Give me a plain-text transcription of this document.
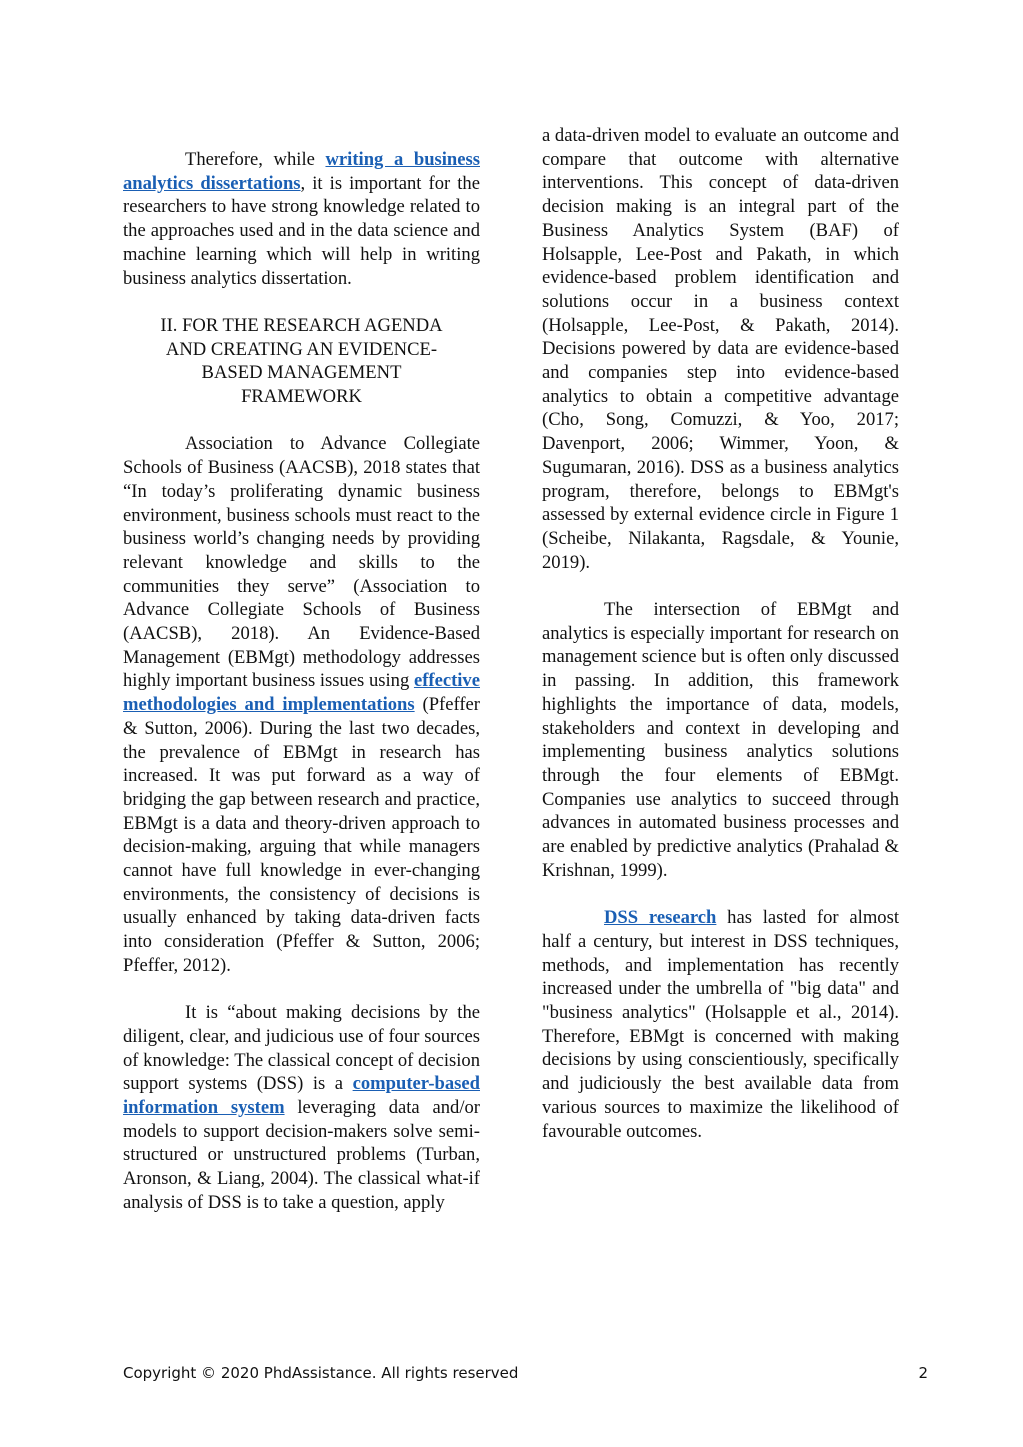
Therefore, while writing a business analytics dissertations, it is important for the researchers to have strong knowledge related to the approaches used and in the data science and machine learning which will help in writing business analytics dissertation.

II. FOR THE RESEARCH AGENDA AND CREATING AN EVIDENCE-BASED MANAGEMENT FRAMEWORK

Association to Advance Collegiate Schools of Business (AACSB), 2018 states that “In today’s proliferating dynamic business environment, business schools must react to the business world’s changing needs by providing relevant knowledge and skills to the communities they serve” (Association to Advance Collegiate Schools of Business (AACSB), 2018). An Evidence-Based Management (EBMgt) methodology addresses highly important business issues using effective methodologies and implementations (Pfeffer & Sutton, 2006). During the last two decades, the prevalence of EBMgt in research has increased. It was put forward as a way of bridging the gap between research and practice, EBMgt is a data and theory-driven approach to decision-making, arguing that while managers cannot have full knowledge in ever-changing environments, the consistency of decisions is usually enhanced by taking data-driven facts into consideration (Pfeffer & Sutton, 2006; Pfeffer, 2012).

It is “about making decisions by the diligent, clear, and judicious use of four sources of knowledge: The classical concept of decision support systems (DSS) is a computer-based information system leveraging data and/or models to support decision-makers solve semi-structured or unstructured problems (Turban, Aronson, & Liang, 2004). The classical what-if analysis of DSS is to take a question, apply

a data-driven model to evaluate an outcome and compare that outcome with alternative interventions. This concept of data-driven decision making is an integral part of the Business Analytics System (BAF) of Holsapple, Lee-Post and Pakath, in which evidence-based problem identification and solutions occur in a business context (Holsapple, Lee-Post, & Pakath, 2014). Decisions powered by data are evidence-based and companies step into evidence-based analytics to obtain a competitive advantage (Cho, Song, Comuzzi, & Yoo, 2017; Davenport, 2006; Wimmer, Yoon, & Sugumaran, 2016). DSS as a business analytics program, therefore, belongs to EBMgt's assessed by external evidence circle in Figure 1 (Scheibe, Nilakanta, Ragsdale, & Younie, 2019).

The intersection of EBMgt and analytics is especially important for research on management science but is often only discussed in passing. In addition, this framework highlights the importance of data, models, stakeholders and context in developing and implementing business analytics solutions through the four elements of EBMgt. Companies use analytics to succeed through advances in automated business processes and are enabled by predictive analytics (Prahalad & Krishnan, 1999).

DSS research has lasted for almost half a century, but interest in DSS techniques, methods, and implementation has recently increased under the umbrella of "big data" and "business analytics" (Holsapple et al., 2014). Therefore, EBMgt is concerned with making decisions by using conscientiously, specifically and judiciously the best available data from various sources to maximize the likelihood of favourable outcomes.

Copyright © 2020 PhdAssistance. All rights reserved	2
